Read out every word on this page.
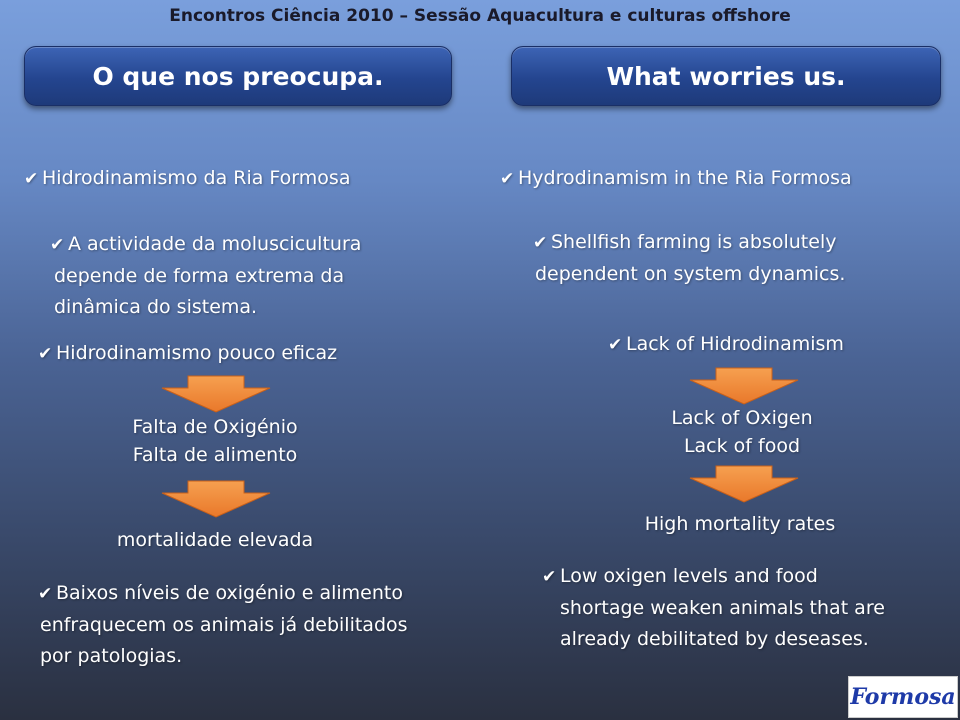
Encontros Ciência 2010 – Sessão Aquacultura e culturas offshore
O que nos preocupa.	What worries us.
✔ Hidrodinamismo da Ria Formosa
✔ A actividade da moluscicultura
depende de forma extrema da
dinâmica do sistema.
✔ Hidrodinamismo pouco eficaz
Falta de Oxigénio
Falta de alimento
mortalidade elevada
✔ Baixos níveis de oxigénio e alimento
enfraquecem os animais já debilitados
por patologias.
✔ Hydrodinamism in the Ria Formosa
✔ Shellfish farming is absolutely
dependent on system dynamics.
✔ Lack of Hidrodinamism
Lack of Oxigen
Lack of food
High mortality rates
✔ Low oxigen levels and food
shortage weaken animals that are
already debilitated by deseases.
Formosa
